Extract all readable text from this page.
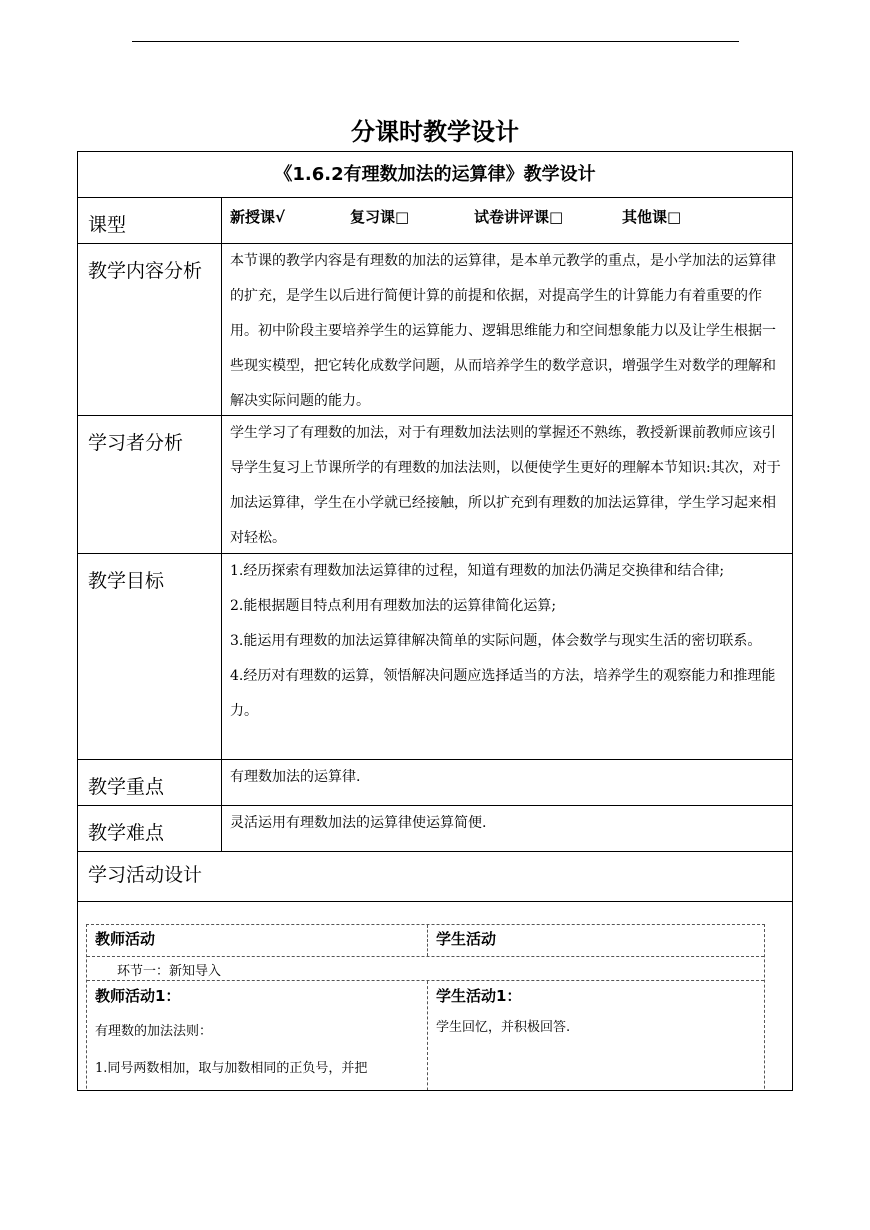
分课时教学设计
《1.6.2有理数加法的运算律》教学设计
课型	新授课√	复习课□	试卷讲评课□	其他课□
教学内容分析	本节课的教学内容是有理数的加法的运算律，是本单元教学的重点，是小学加法的运算律的扩充，是学生以后进行简便计算的前提和依据，对提高学生的计算能力有着重要的作用。初中阶段主要培养学生的运算能力、逻辑思维能力和空间想象能力以及让学生根据一些现实模型，把它转化成数学问题，从而培养学生的数学意识，增强学生对数学的理解和解决实际问题的能力。
学习者分析	学生学习了有理数的加法，对于有理数加法法则的掌握还不熟练，教授新课前教师应该引导学生复习上节课所学的有理数的加法法则，以便使学生更好的理解本节知识:其次，对于加法运算律，学生在小学就已经接触，所以扩充到有理数的加法运算律，学生学习起来相对轻松。
教学目标	1.经历探索有理数加法运算律的过程，知道有理数的加法仍满足交换律和结合律;
2.能根据题目特点利用有理数加法的运算律简化运算;
3.能运用有理数的加法运算律解决简单的实际问题，体会数学与现实生活的密切联系。
4.经历对有理数的运算，领悟解决问题应选择适当的方法，培养学生的观察能力和推理能力。
教学重点	有理数加法的运算律.
教学难点	灵活运用有理数加法的运算律使运算简便.
学习活动设计
教师活动	学生活动
环节一：新知导入
教师活动1：
有理数的加法法则：
1.同号两数相加，取与加数相同的正负号，并把
学生活动1：
学生回忆，并积极回答.
